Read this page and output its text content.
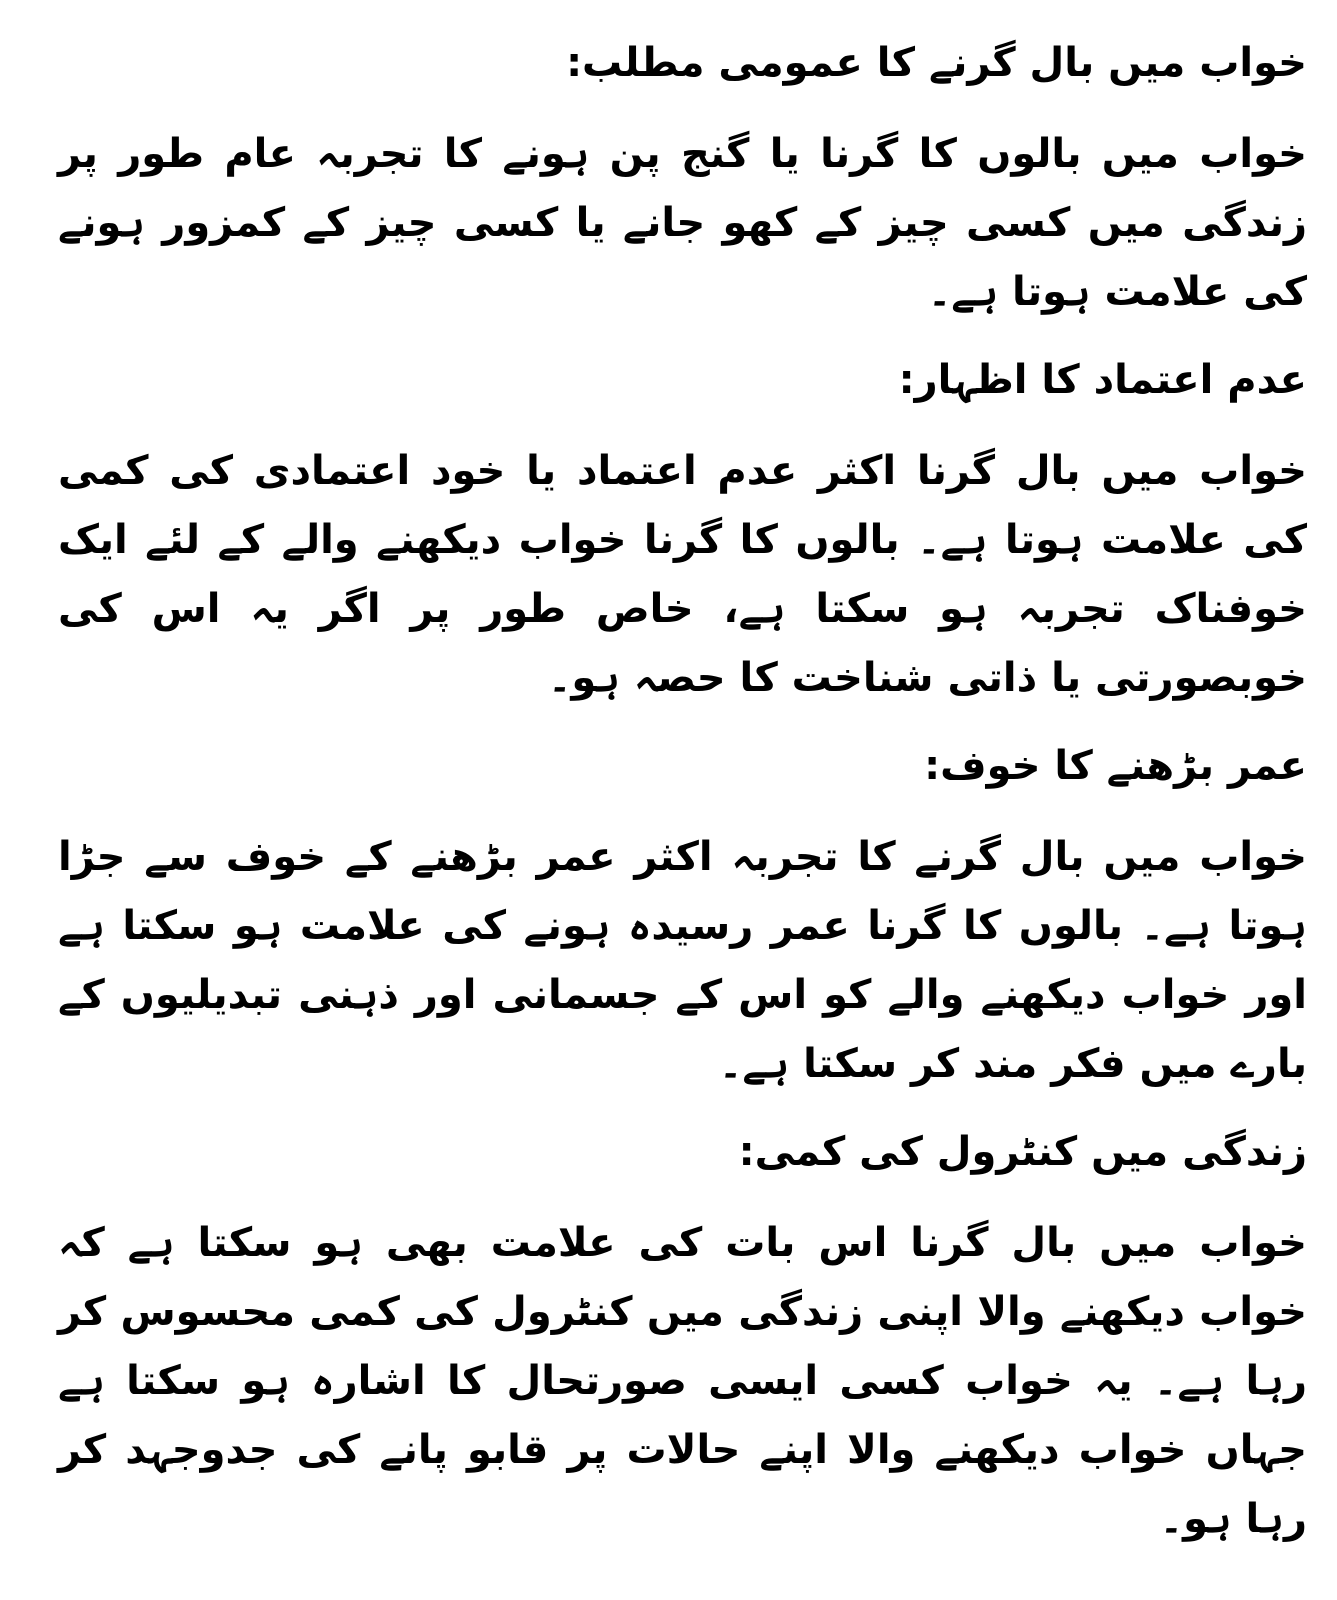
خواب میں بال گرنے کا عمومی مطلب:
خواب میں بالوں کا گرنا یا گنج پن ہونے کا تجربہ عام طور پر زندگی میں کسی چیز کے کھو جانے یا کسی چیز کے کمزور ہونے کی علامت ہوتا ہے۔
عدم اعتماد کا اظہار:
خواب میں بال گرنا اکثر عدم اعتماد یا خود اعتمادی کی کمی کی علامت ہوتا ہے۔ بالوں کا گرنا خواب دیکھنے والے کے لئے ایک خوفناک تجربہ ہو سکتا ہے، خاص طور پر اگر یہ اس کی خوبصورتی یا ذاتی شناخت کا حصہ ہو۔
عمر بڑھنے کا خوف:
خواب میں بال گرنے کا تجربہ اکثر عمر بڑھنے کے خوف سے جڑا ہوتا ہے۔ بالوں کا گرنا عمر رسیدہ ہونے کی علامت ہو سکتا ہے اور خواب دیکھنے والے کو اس کے جسمانی اور ذہنی تبدیلیوں کے بارے میں فکر مند کر سکتا ہے۔
زندگی میں کنٹرول کی کمی:
خواب میں بال گرنا اس بات کی علامت بھی ہو سکتا ہے کہ خواب دیکھنے والا اپنی زندگی میں کنٹرول کی کمی محسوس کر رہا ہے۔ یہ خواب کسی ایسی صورتحال کا اشارہ ہو سکتا ہے جہاں خواب دیکھنے والا اپنے حالات پر قابو پانے کی جدوجہد کر رہا ہو۔
